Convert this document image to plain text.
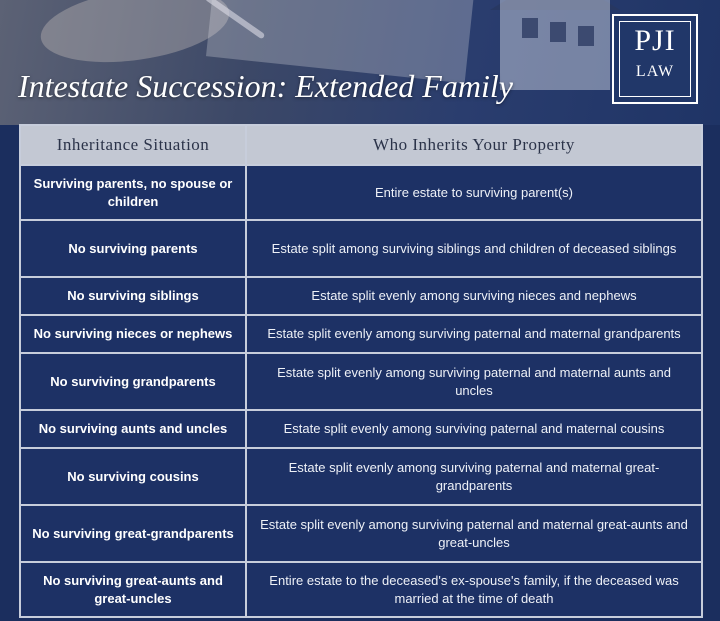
PJI
LAW
Intestate Succession: Extended Family
Inheritance Situation	Who Inherits Your Property
Surviving parents, no spouse or children	Entire estate to surviving parent(s)
No surviving parents	Estate split among surviving siblings and children of deceased siblings
No surviving siblings	Estate split evenly among surviving nieces and nephews
No surviving nieces or nephews	Estate split evenly among surviving paternal and maternal grandparents
No surviving grandparents	Estate split evenly among surviving paternal and maternal aunts and uncles
No surviving aunts and uncles	Estate split evenly among surviving paternal and maternal cousins
No surviving cousins	Estate split evenly among surviving paternal and maternal great-grandparents
No surviving great-grandparents	Estate split evenly among surviving paternal and maternal great-aunts and great-uncles
No surviving great-aunts and great-uncles	Entire estate to the deceased's ex-spouse's family, if the deceased was married at the time of death
